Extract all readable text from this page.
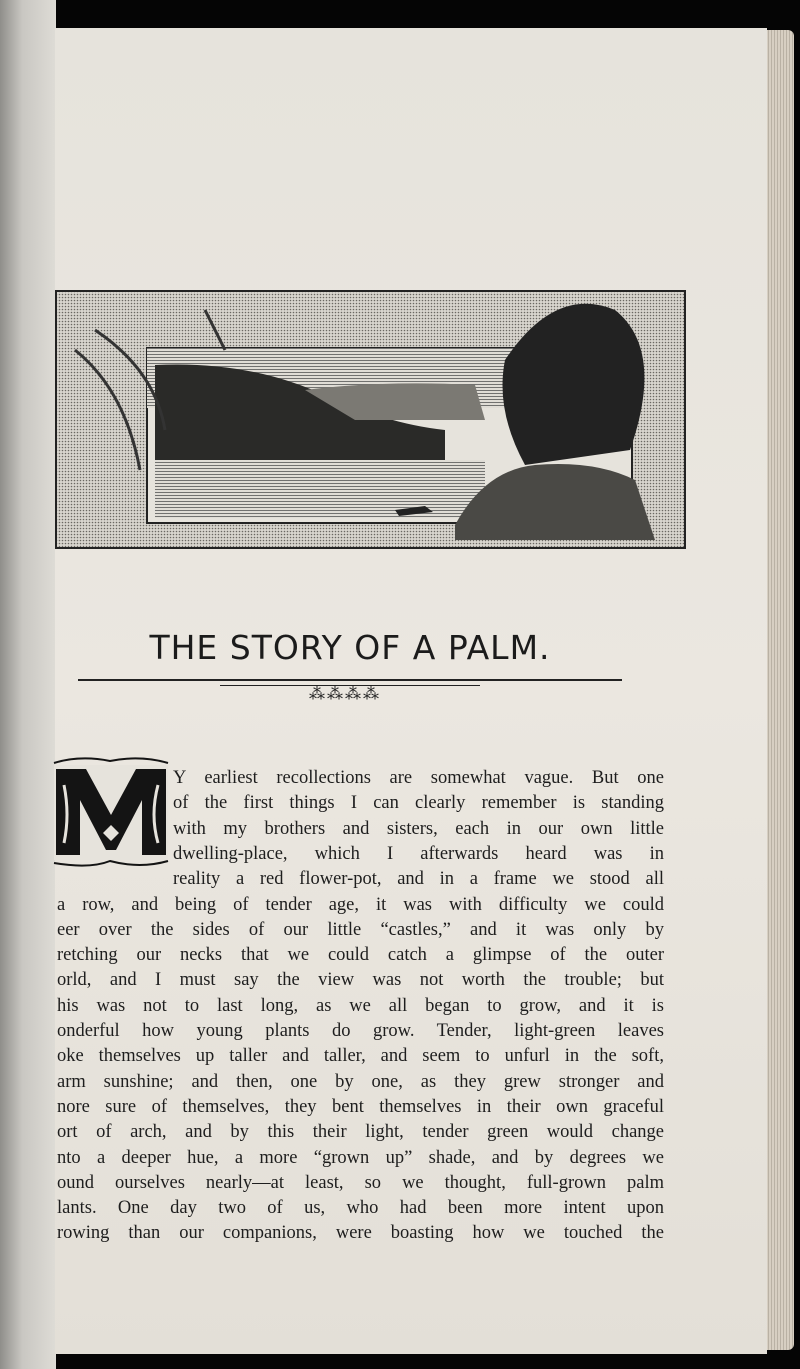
THE STORY OF A PALM.
⁂⁂⁂⁂
Y earliest recollections are somewhat vague. But one
of the first things I can clearly remember is standing
with my brothers and sisters, each in our own little
dwelling-place, which I afterwards heard was in
reality a red flower-pot, and in a frame we stood all
a row, and being of tender age, it was with difficulty we could
eer over the sides of our little “castles,” and it was only by
retching our necks that we could catch a glimpse of the outer
orld, and I must say the view was not worth the trouble; but
his was not to last long, as we all began to grow, and it is
onderful how young plants do grow. Tender, light-green leaves
oke themselves up taller and taller, and seem to unfurl in the soft,
arm sunshine; and then, one by one, as they grew stronger and
nore sure of themselves, they bent themselves in their own graceful
ort of arch, and by this their light, tender green would change
nto a deeper hue, a more “grown up” shade, and by degrees we
ound ourselves nearly—at least, so we thought, full-grown palm
lants. One day two of us, who had been more intent upon
rowing than our companions, were boasting how we touched the
